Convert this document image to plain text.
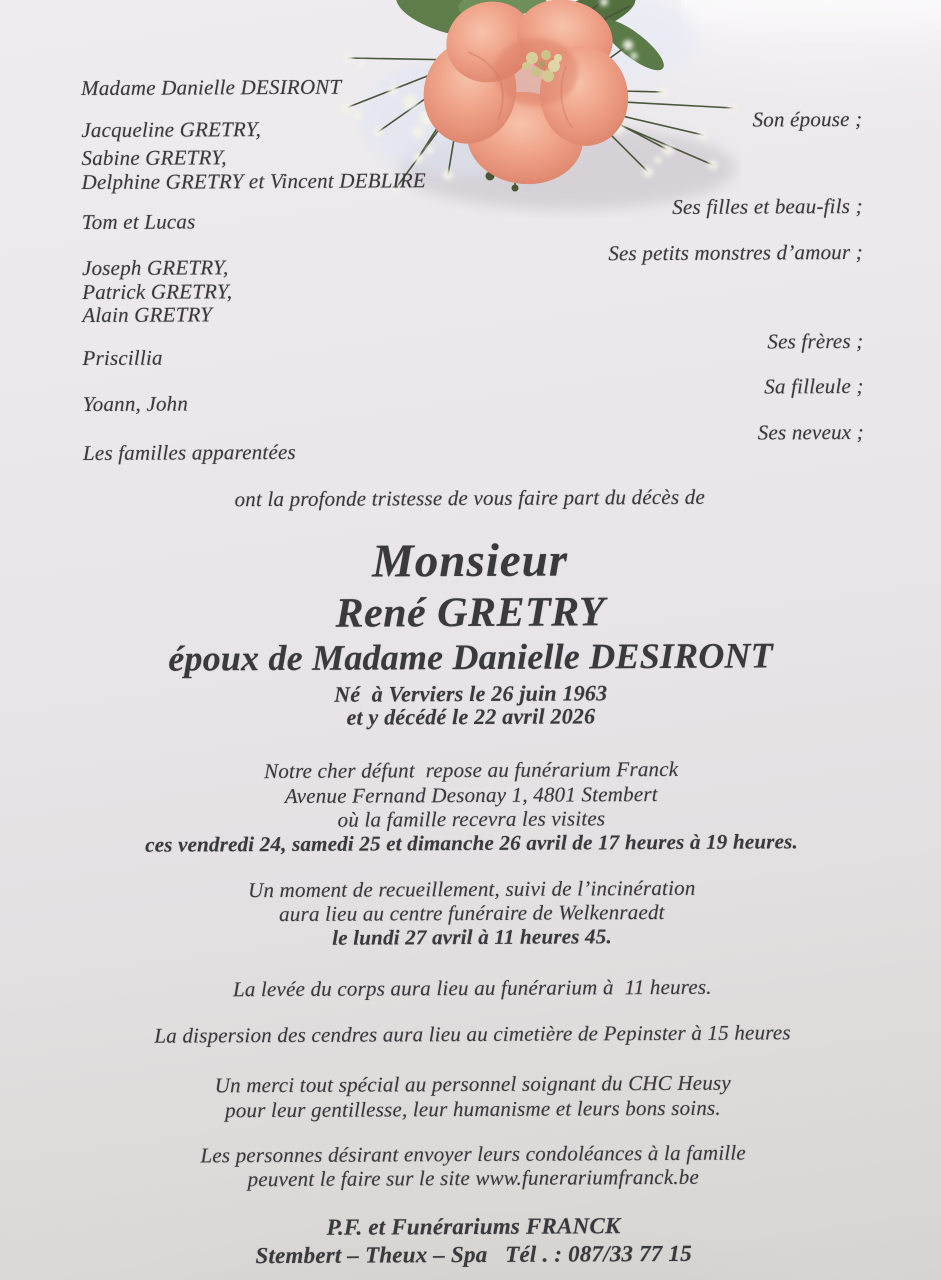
Madame Danielle DESIRONT
Jacqueline GRETRY,
Sabine GRETRY,
Delphine GRETRY et Vincent DEBLIRE
Tom et Lucas
Joseph GRETRY,
Patrick GRETRY,
Alain GRETRY
Priscillia
Yoann, John
Les familles apparentées
Son épouse ;
Ses filles et beau-fils ;
Ses petits monstres d’amour ;
Ses frères ;
Sa filleule ;
Ses neveux ;
ont la profonde tristesse de vous faire part du décès de
Monsieur
René GRETRY
époux de Madame Danielle DESIRONT
Né  à Verviers le 26 juin 1963
et y décédé le 22 avril 2026
Notre cher défunt  repose au funérarium Franck
Avenue Fernand Desonay 1, 4801 Stembert
où la famille recevra les visites
ces vendredi 24, samedi 25 et dimanche 26 avril de 17 heures à 19 heures.
Un moment de recueillement, suivi de l’incinération
aura lieu au centre funéraire de Welkenraedt
le lundi 27 avril à 11 heures 45.
La levée du corps aura lieu au funérarium à  11 heures.
La dispersion des cendres aura lieu au cimetière de Pepinster à 15 heures
Un merci tout spécial au personnel soignant du CHC Heusy
pour leur gentillesse, leur humanisme et leurs bons soins.
Les personnes désirant envoyer leurs condoléances à la famille
peuvent le faire sur le site www.funerariumfranck.be
P.F. et Funérariums FRANCK
Stembert – Theux – Spa   Tél . : 087/33 77 15
